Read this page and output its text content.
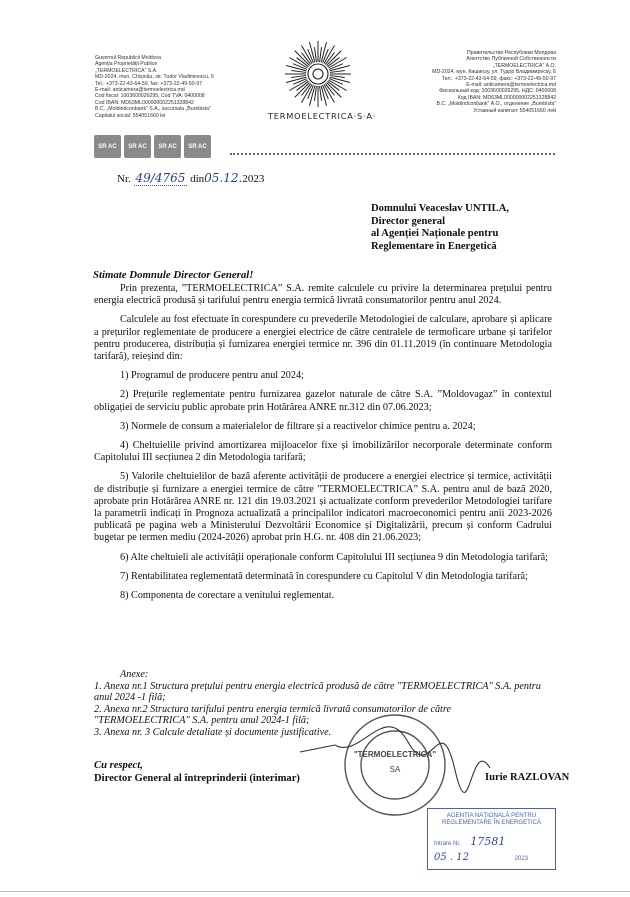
Guvernul Republicii Moldova
Agenția Proprietății Publice
„TERMOELECTRICA” S.A.
MD-2024, mun. Chișinău, str. Tudor Vladimirescu, 6
Tel.: +373-22-43-64-59, fax: +373-22-49-50-97
E-mail: anticamera@termoelectrica.md
Cod fiscal: 1003600026295, Cod TVA: 0400008
Cod IBAN: MD63ML000000002251328842
B.C. „Moldindconbank” S.A., sucursala „Burebista”
Capitalul social: 554051660 lei	TERMOELECTRICA·S·A·
Правительство Республики Молдова
Агентство Публичной Собственности
„TERMOELECTRICA” А.О.
MD-2024, мун. Кишинэу, ул. Тудор Владимиреску, 6
Тел.: +373-22-43-64-59, факс: +373-22-49-50-97
E-mail: anticamera@termoelectrica.md
Фискальный код: 1003600026295, НДС: 0400008
Код IBAN: MD63ML000000002251328842
B.C. „Moldindconbank” А.О., отделение „Burebista”
Уставный капитал: 554051660 лей
SR AC	SR AC	SR AC	SR AC
Nr. 49/4765 din05.12.2023
Domnului Veaceslav UNTILA,
Director general
al Agenției Naționale pentru
Reglementare în Energetică
Stimate Domnule Director General!

Prin prezenta, ”TERMOELECTRICA” S.A. remite calculele cu privire la determinarea prețului pentru energia electrică produsă și tarifului pentru energia termică livrată consumatorilor pentru anul 2024.

Calculele au fost efectuate în corespundere cu prevederile Metodologiei de calculare, aprobare și aplicare a prețurilor reglementate de producere a energiei electrice de către centralele de termoficare urbane și tarifelor pentru producerea, distribuția și furnizarea energiei termice nr. 396 din 01.11.2019 (în continuare Metodologia tarifară), reieșind din:

1) Programul de producere pentru anul 2024;

2) Prețurile reglementate pentru furnizarea gazelor naturale de către S.A. ”Moldovagaz” în contextul obligației de serviciu public aprobate prin Hotărârea ANRE nr.312 din 07.06.2023;

3) Normele de consum a materialelor de filtrare și a reactivelor chimice pentru a. 2024;

4) Cheltuielile privind amortizarea mijloacelor fixe și imobilizărilor necorporale determinate conform Capitolului III secțiunea 2 din Metodologia tarifară;

5) Valorile cheltuielilor de bază aferente activității de producere a energiei electrice și termice, activității de distribuție și furnizare a energiei termice de către ”TERMOELECTRICA” S.A. pentru anul de bază 2020, aprobate prin Hotărârea ANRE nr. 121 din 19.03.2021 și actualizate conform prevederilor Metodologiei tarifare la parametrii indicați în Prognoza actualizată a principalilor indicatori macroeconomici pentru anii 2023-2026 publicată pe pagina web a Ministerului Dezvoltării Economice și Digitalizării, precum și conform Cadrului bugetar pe termen mediu (2024-2026) aprobat prin H.G. nr. 408 din 21.06.2023;

6) Alte cheltuieli ale activității operaționale conform Capitolului III secțiunea 9 din Metodologia tarifară;

7) Rentabilitatea reglementată determinată în corespundere cu Capitolul V din Metodologia tarifară;

8) Componenta de corectare a venitului reglementat.

Anexe:
1. Anexa nr.1 Structura prețului pentru energia electrică produsă de către "TERMOELECTRICA" S.A. pentru anul 2024 -1 filă;
2. Anexa nr.2 Structura tarifului pentru energia termică livrată consumatorilor de către "TERMOELECTRICA" S.A. pentru anul 2024-1 filă;
3. Anexa nr. 3 Calcule detaliate și documente justificative.
Cu respect,
Director General al întreprinderii (interimar)	Iurie RAZLOVAN
"TERMOELECTRICA"
SA
AGENȚIA NAȚIONALĂ PENTRU
REGLEMENTARE ÎN ENERGETICĂ
Intrare Nr. 17581
05 . 12	2023
